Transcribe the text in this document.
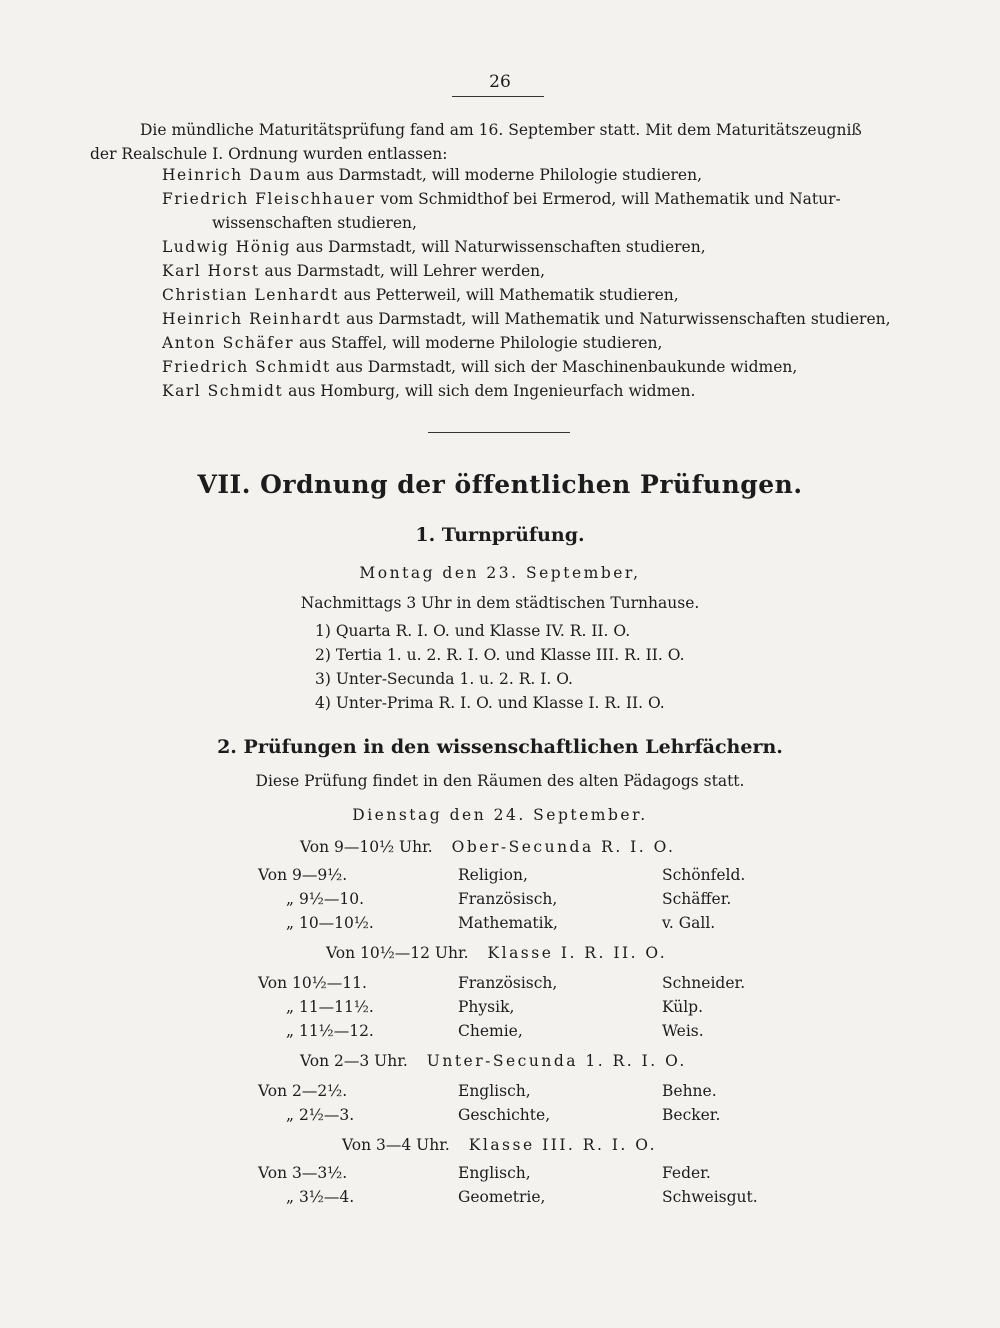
26
Die mündliche Maturitätsprüfung fand am 16. September statt. Mit dem Maturitätszeugniß
der Realschule I. Ordnung wurden entlassen:
Heinrich Daum aus Darmstadt, will moderne Philologie studieren,
Friedrich Fleischhauer vom Schmidthof bei Ermerod, will Mathematik und Natur-
wissenschaften studieren,
Ludwig Hönig aus Darmstadt, will Naturwissenschaften studieren,
Karl Horst aus Darmstadt, will Lehrer werden,
Christian Lenhardt aus Petterweil, will Mathematik studieren,
Heinrich Reinhardt aus Darmstadt, will Mathematik und Naturwissenschaften studieren,
Anton Schäfer aus Staffel, will moderne Philologie studieren,
Friedrich Schmidt aus Darmstadt, will sich der Maschinenbaukunde widmen,
Karl Schmidt aus Homburg, will sich dem Ingenieurfach widmen.
VII. Ordnung der öffentlichen Prüfungen.
1. Turnprüfung.
Montag den 23. September,
Nachmittags 3 Uhr in dem städtischen Turnhause.
1) Quarta R. I. O. und Klasse IV. R. II. O.
2) Tertia 1. u. 2. R. I. O. und Klasse III. R. II. O.
3) Unter-Secunda 1. u. 2. R. I. O.
4) Unter-Prima R. I. O. und Klasse I. R. II. O.
2. Prüfungen in den wissenschaftlichen Lehrfächern.
Diese Prüfung findet in den Räumen des alten Pädagogs statt.
Dienstag den 24. September.
Von 9—10½ Uhr. Ober-Secunda R. I. O.
Von 9—9½.	Religion,	Schönfeld.
„ 9½—10.	Französisch,	Schäffer.
„ 10—10½.	Mathematik,	v. Gall.
Von 10½—12 Uhr. Klasse I. R. II. O.
Von 10½—11.	Französisch,	Schneider.
„ 11—11½.	Physik,	Külp.
„ 11½—12.	Chemie,	Weis.
Von 2—3 Uhr. Unter-Secunda 1. R. I. O.
Von 2—2½.	Englisch,	Behne.
„ 2½—3.	Geschichte,	Becker.
Von 3—4 Uhr. Klasse III. R. I. O.
Von 3—3½.	Englisch,	Feder.
„ 3½—4.	Geometrie,	Schweisgut.
